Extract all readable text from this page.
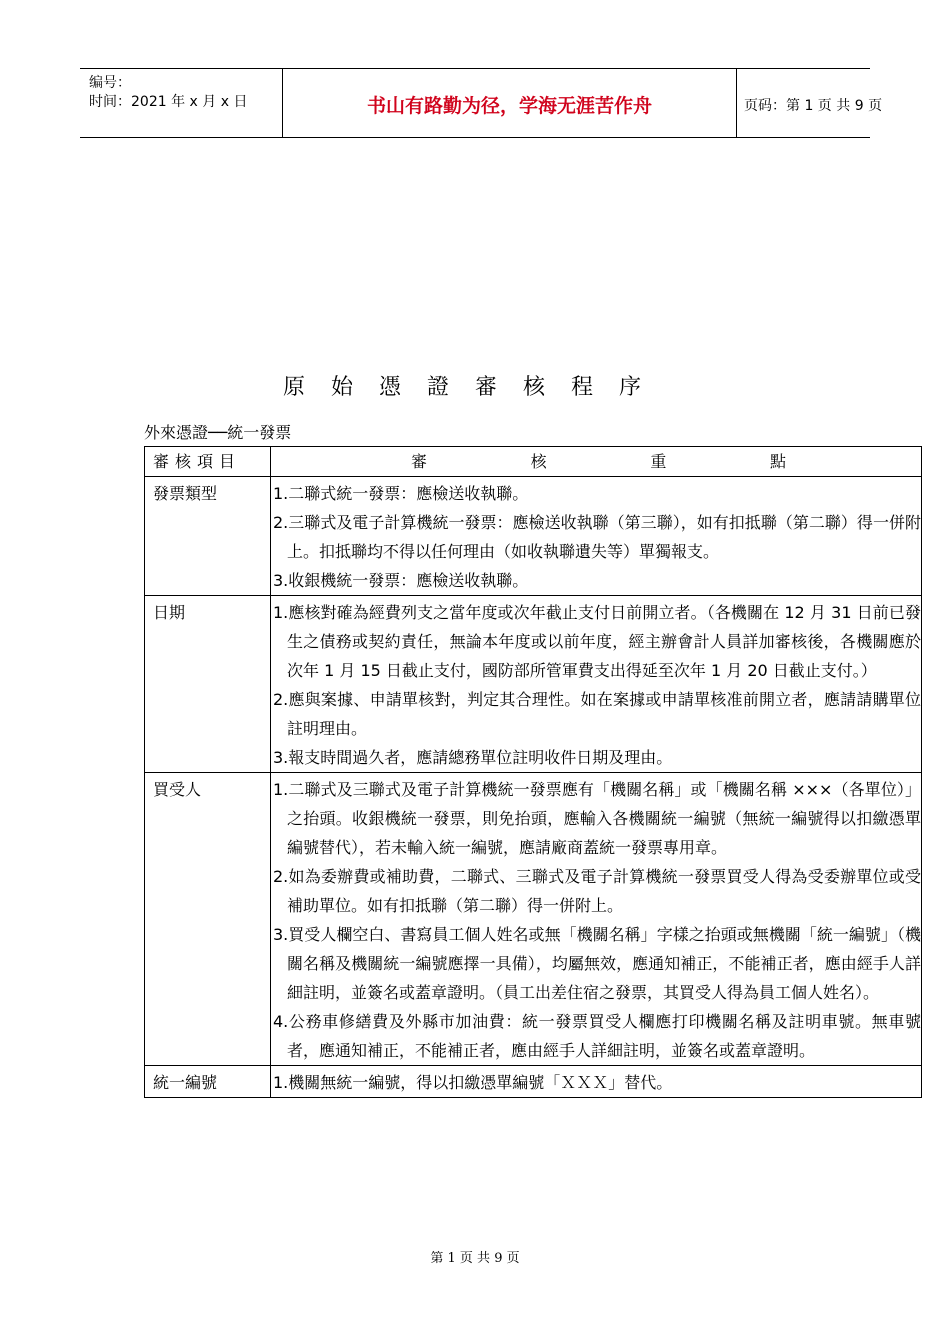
编号：
时间：2021 年 x 月 x 日	书山有路勤为径，学海无涯苦作舟	页码：第 1 页 共 9 页
原始憑證審核程序
外來憑證──統一發票
審核項目	審 核 重 點

發票類型	1.二聯式統一發票：應檢送收執聯。
2.三聯式及電子計算機統一發票：應檢送收執聯（第三聯），如有扣抵聯（第二聯）得一併附上。扣抵聯均不得以任何理由（如收執聯遺失等）單獨報支。
3.收銀機統一發票：應檢送收執聯。

日期	1.應核對確為經費列支之當年度或次年截止支付日前開立者。（各機關在 12 月 31 日前已發生之債務或契約責任，無論本年度或以前年度，經主辦會計人員詳加審核後，各機關應於次年 1 月 15 日截止支付，國防部所管軍費支出得延至次年 1 月 20 日截止支付。）
2.應與案據、申請單核對，判定其合理性。如在案據或申請單核准前開立者，應請請購單位註明理由。
3.報支時間過久者，應請總務單位註明收件日期及理由。

買受人	1.二聯式及三聯式及電子計算機統一發票應有「機關名稱」或「機關名稱 ×××（各單位）」之抬頭。收銀機統一發票，則免抬頭，應輸入各機關統一編號（無統一編號得以扣繳憑單編號替代），若未輸入統一編號，應請廠商蓋統一發票專用章。
2.如為委辦費或補助費，二聯式、三聯式及電子計算機統一發票買受人得為受委辦單位或受補助單位。如有扣抵聯（第二聯）得一併附上。
3.買受人欄空白、書寫員工個人姓名或無「機關名稱」字樣之抬頭或無機關「統一編號」（機關名稱及機關統一編號應擇一具備），均屬無效，應通知補正，不能補正者，應由經手人詳細註明，並簽名或蓋章證明。（員工出差住宿之發票，其買受人得為員工個人姓名）。
4.公務車修繕費及外縣市加油費：統一發票買受人欄應打印機關名稱及註明車號。無車號者，應通知補正，不能補正者，應由經手人詳細註明，並簽名或蓋章證明。

統一編號	1.機關無統一編號，得以扣繳憑單編號「ＸＸＸ」替代。
第 1 页 共 9 页
